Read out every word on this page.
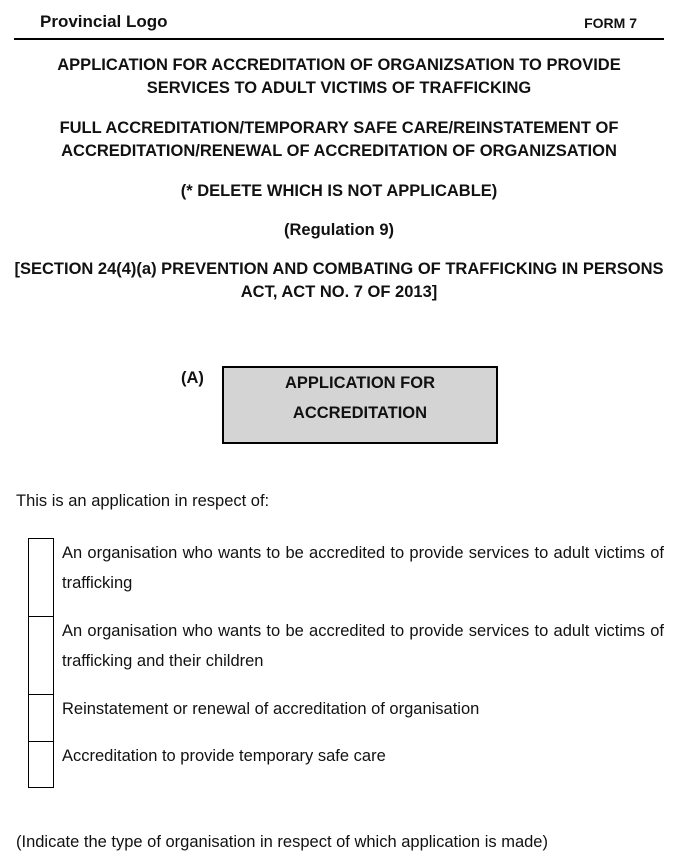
Provincial Logo	FORM 7
APPLICATION FOR ACCREDITATION OF ORGANIZSATION TO PROVIDE SERVICES TO ADULT VICTIMS OF TRAFFICKING
FULL ACCREDITATION/TEMPORARY SAFE CARE/REINSTATEMENT OF ACCREDITATION/RENEWAL OF ACCREDITATION OF ORGANIZSATION
(* DELETE WHICH IS NOT APPLICABLE)
(Regulation 9)
[SECTION 24(4)(a) PREVENTION AND COMBATING OF TRAFFICKING IN PERSONS ACT, ACT NO. 7 OF 2013]
(A)	APPLICATION FOR
ACCREDITATION
This is an application in respect of:
An organisation who wants to be accredited to provide services to adult victims of trafficking
An organisation who wants to be accredited to provide services to adult victims of trafficking and their children
Reinstatement or renewal of accreditation of organisation
Accreditation to provide temporary safe care
(Indicate the type of organisation in respect of which application is made)
